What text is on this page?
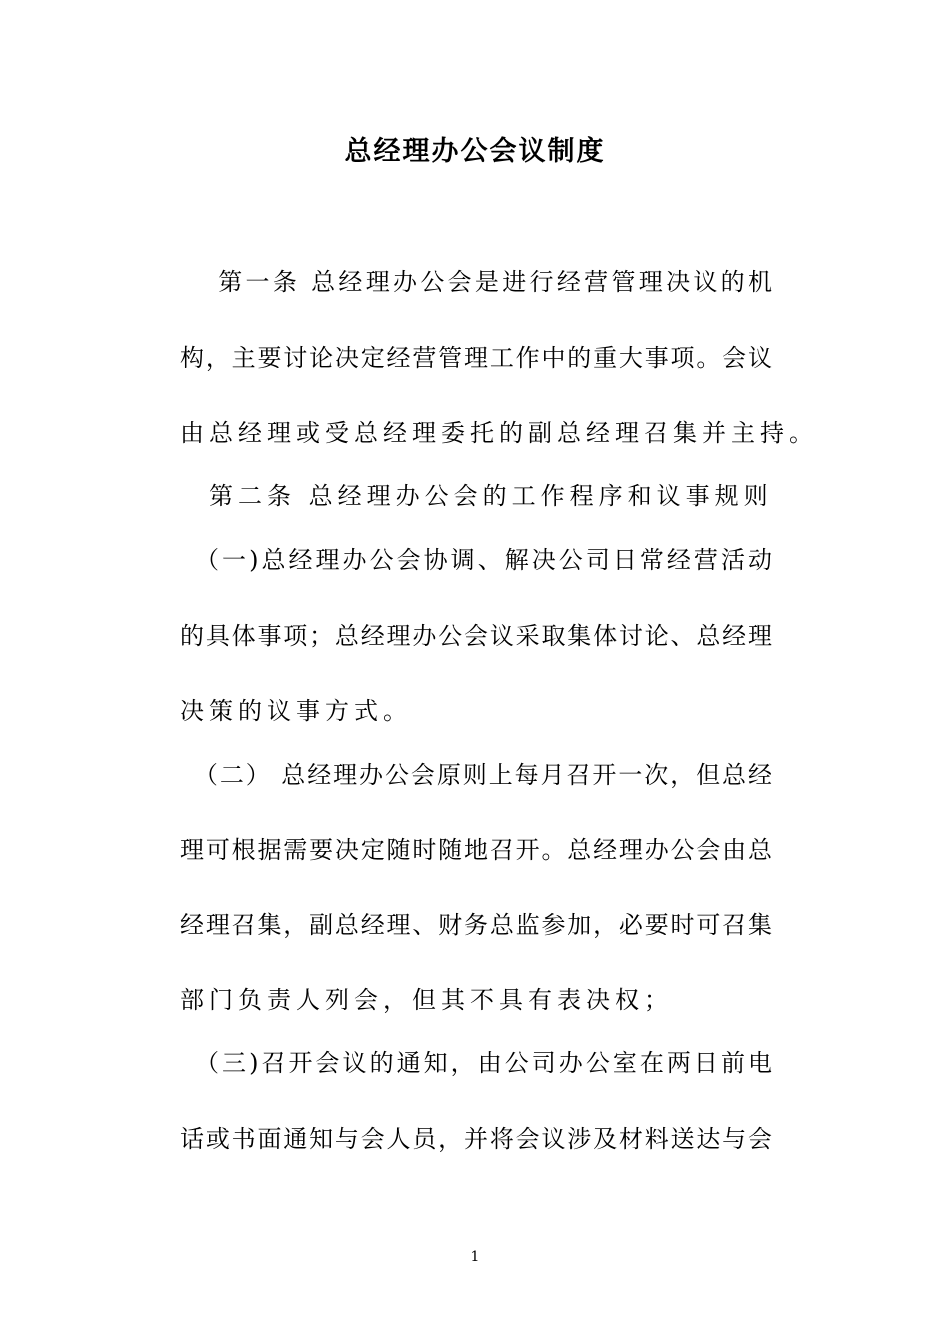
总经理办公会议制度
　 第一条 总经理办公会是进行经营管理决议的机
构，主要讨论决定经营管理工作中的重大事项。会议
由总经理或受总经理委托的副总经理召集并主持。
　第二条 总经理办公会的工作程序和议事规则
　（一)总经理办公会协调、解决公司日常经营活动
的具体事项；总经理办公会议采取集体讨论、总经理
决策的议事方式。
　（二） 总经理办公会原则上每月召开一次，但总经
理可根据需要决定随时随地召开。总经理办公会由总
经理召集，副总经理、财务总监参加，必要时可召集
部门负责人列会，但其不具有表决权；
　（三)召开会议的通知，由公司办公室在两日前电
话或书面通知与会人员，并将会议涉及材料送达与会
1
